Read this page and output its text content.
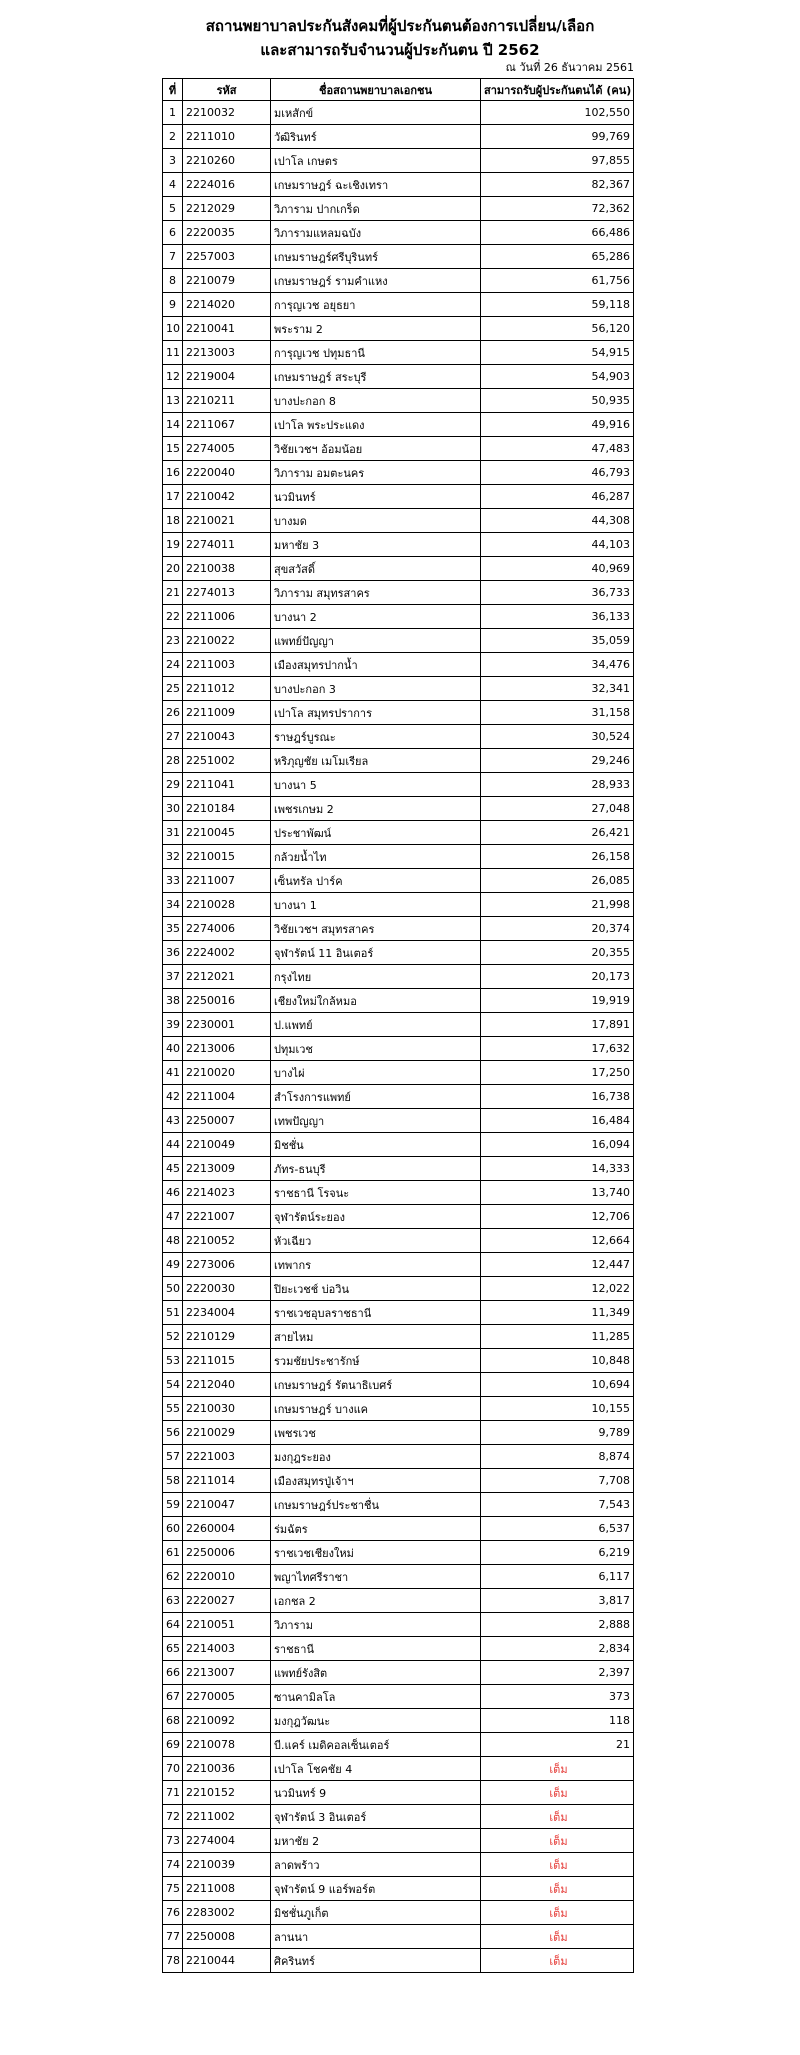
สถานพยาบาลประกันสังคมที่ผู้ประกันตนต้องการเปลี่ยน/เลือก
และสามารถรับจำนวนผู้ประกันตน ปี 2562
ณ วันที่ 26 ธันวาคม 2561
ที่	รหัส	ชื่อสถานพยาบาลเอกชน	สามารถรับผู้ประกันตนได้ (คน)
1	2210032	มเหสักข์	102,550
2	2211010	วัฒิรินทร์	99,769
3	2210260	เปาโล เกษตร	97,855
4	2224016	เกษมราษฎร์ ฉะเชิงเทรา	82,367
5	2212029	วิภาราม ปากเกร็ด	72,362
6	2220035	วิภารามแหลมฉบัง	66,486
7	2257003	เกษมราษฎร์ศรีบุรินทร์	65,286
8	2210079	เกษมราษฎร์ รามคำแหง	61,756
9	2214020	การุญเวช อยุธยา	59,118
10	2210041	พระราม 2	56,120
11	2213003	การุญเวช ปทุมธานี	54,915
12	2219004	เกษมราษฎร์ สระบุรี	54,903
13	2210211	บางปะกอก 8	50,935
14	2211067	เปาโล พระประแดง	49,916
15	2274005	วิชัยเวชฯ อ้อมน้อย	47,483
16	2220040	วิภาราม อมตะนคร	46,793
17	2210042	นวมินทร์	46,287
18	2210021	บางมด	44,308
19	2274011	มหาชัย 3	44,103
20	2210038	สุขสวัสดิ์	40,969
21	2274013	วิภาราม สมุทรสาคร	36,733
22	2211006	บางนา 2	36,133
23	2210022	แพทย์ปัญญา	35,059
24	2211003	เมืองสมุทรปากน้ำ	34,476
25	2211012	บางปะกอก 3	32,341
26	2211009	เปาโล สมุทรปราการ	31,158
27	2210043	ราษฎร์บูรณะ	30,524
28	2251002	หริภุญชัย เมโมเรียล	29,246
29	2211041	บางนา 5	28,933
30	2210184	เพชรเกษม 2	27,048
31	2210045	ประชาพัฒน์	26,421
32	2210015	กล้วยน้ำไท	26,158
33	2211007	เซ็นทรัล ปาร์ค	26,085
34	2210028	บางนา 1	21,998
35	2274006	วิชัยเวชฯ สมุทรสาคร	20,374
36	2224002	จุฬารัตน์ 11 อินเตอร์	20,355
37	2212021	กรุงไทย	20,173
38	2250016	เชียงใหม่ใกล้หมอ	19,919
39	2230001	ป.แพทย์	17,891
40	2213006	ปทุมเวช	17,632
41	2210020	บางไผ่	17,250
42	2211004	สำโรงการแพทย์	16,738
43	2250007	เทพปัญญา	16,484
44	2210049	มิชชั่น	16,094
45	2213009	ภัทร-ธนบุรี	14,333
46	2214023	ราชธานี โรจนะ	13,740
47	2221007	จุฬารัตน์ระยอง	12,706
48	2210052	หัวเฉียว	12,664
49	2273006	เทพากร	12,447
50	2220030	ปิยะเวชช์ บ่อวิน	12,022
51	2234004	ราชเวชอุบลราชธานี	11,349
52	2210129	สายไหม	11,285
53	2211015	รวมชัยประชารักษ์	10,848
54	2212040	เกษมราษฎร์ รัตนาธิเบศร์	10,694
55	2210030	เกษมราษฎร์ บางแค	10,155
56	2210029	เพชรเวช	9,789
57	2221003	มงกุฎระยอง	8,874
58	2211014	เมืองสมุทรปู่เจ้าฯ	7,708
59	2210047	เกษมราษฎร์ประชาชื่น	7,543
60	2260004	ร่มฉัตร	6,537
61	2250006	ราชเวชเชียงใหม่	6,219
62	2220010	พญาไทศรีราชา	6,117
63	2220027	เอกชล 2	3,817
64	2210051	วิภาราม	2,888
65	2214003	ราชธานี	2,834
66	2213007	แพทย์รังสิต	2,397
67	2270005	ซานคามิลโล	373
68	2210092	มงกุฎวัฒนะ	118
69	2210078	บี.แคร์ เมดิคอลเซ็นเตอร์	21
70	2210036	เปาโล โชคชัย 4	เต็ม
71	2210152	นวมินทร์ 9	เต็ม
72	2211002	จุฬารัตน์ 3 อินเตอร์	เต็ม
73	2274004	มหาชัย 2	เต็ม
74	2210039	ลาดพร้าว	เต็ม
75	2211008	จุฬารัตน์ 9 แอร์พอร์ต	เต็ม
76	2283002	มิชชั่นภูเก็ต	เต็ม
77	2250008	ลานนา	เต็ม
78	2210044	ศิครินทร์	เต็ม
